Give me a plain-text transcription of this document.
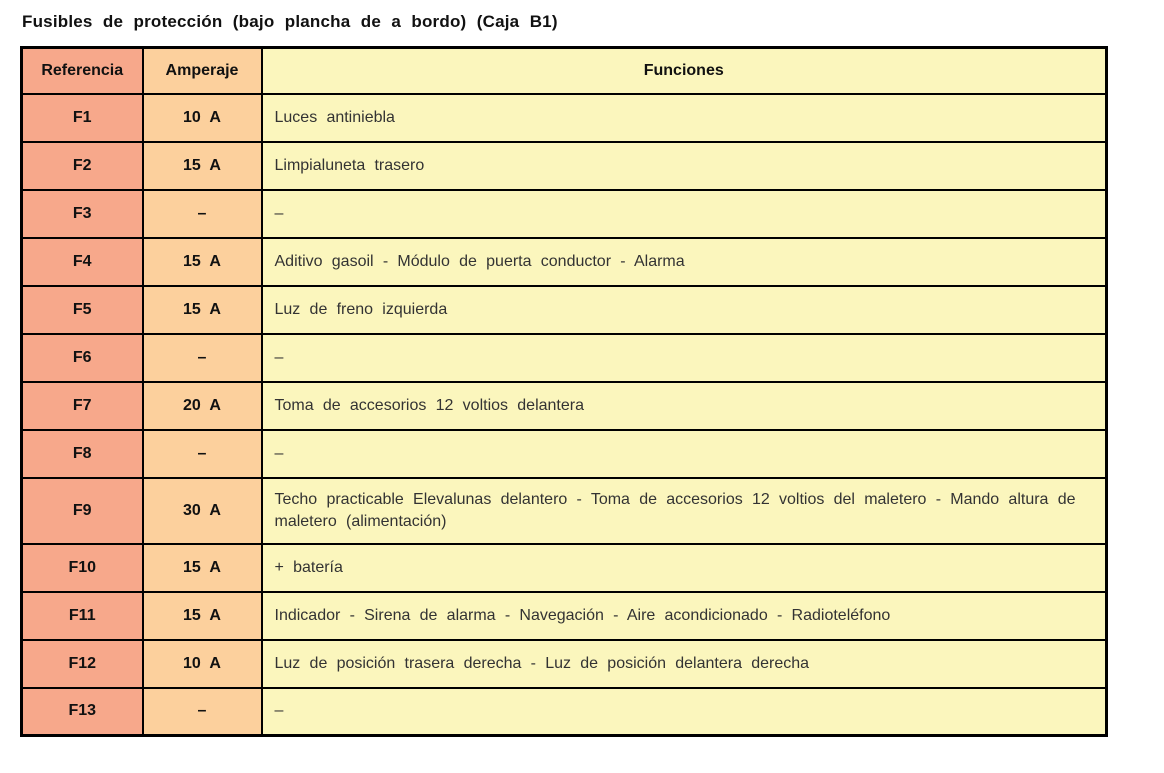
Fusibles de protección (bajo plancha de a bordo) (Caja B1)
Referencia	Amperaje	Funciones
F1	10 A	Luces antiniebla
F2	15 A	Limpialuneta trasero
F3	–	–
F4	15 A	Aditivo gasoil - Módulo de puerta conductor - Alarma
F5	15 A	Luz de freno izquierda
F6	–	–
F7	20 A	Toma de accesorios 12 voltios delantera
F8	–	–
F9	30 A	Techo practicable Elevalunas delantero - Toma de accesorios 12 voltios del maletero - Mando altura de maletero (alimentación)
F10	15 A	+ batería
F11	15 A	Indicador - Sirena de alarma - Navegación - Aire acondicionado - Radioteléfono
F12	10 A	Luz de posición trasera derecha - Luz de posición delantera derecha
F13	–	–
